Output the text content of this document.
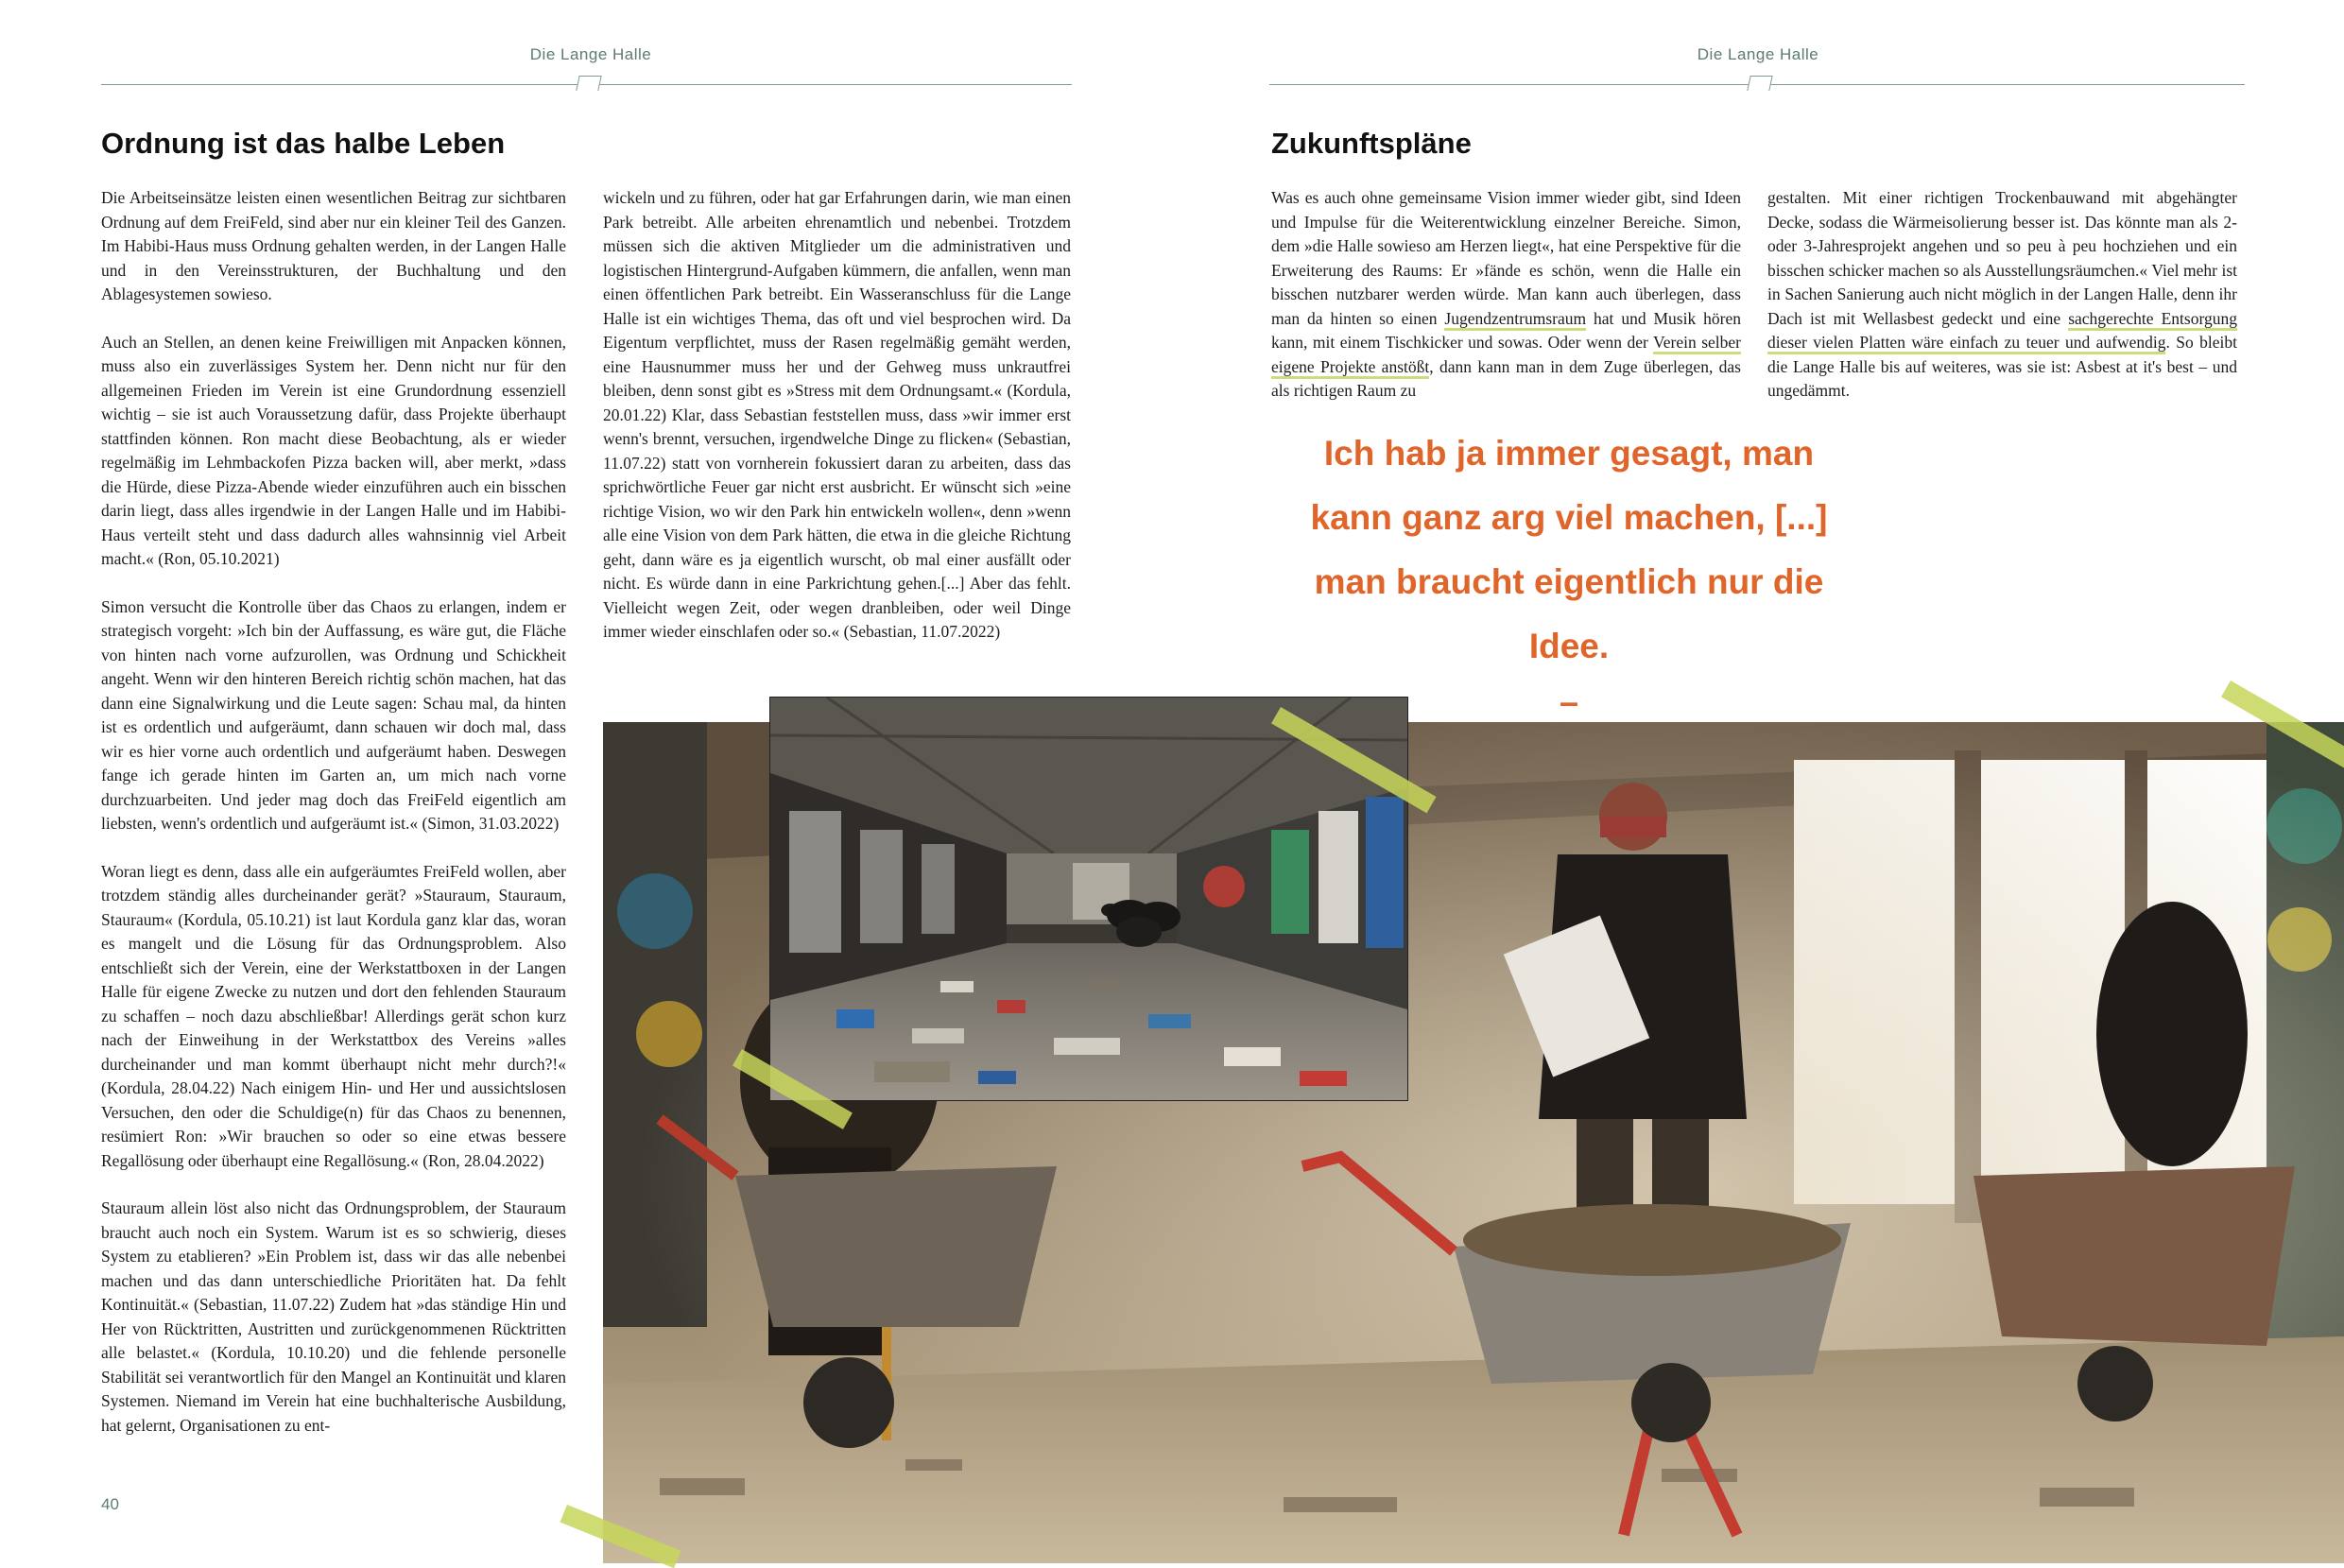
Die Lange Halle	Die Lange Halle
Ordnung ist das halbe Leben

Die Arbeitseinsätze leisten einen wesentlichen Beitrag zur sichtbaren Ordnung auf dem FreiFeld, sind aber nur ein kleiner Teil des Ganzen. Im Habibi-Haus muss Ordnung gehalten werden, in der Langen Halle und in den Vereinsstrukturen, der Buchhaltung und den Ablagesystemen sowieso.

Auch an Stellen, an denen keine Freiwilligen mit Anpacken können, muss also ein zuverlässiges System her. Denn nicht nur für den allgemeinen Frieden im Verein ist eine Grundordnung essenziell wichtig – sie ist auch Voraussetzung dafür, dass Projekte überhaupt stattfinden können. Ron macht diese Beobachtung, als er wieder regelmäßig im Lehmbackofen Pizza backen will, aber merkt, »dass die Hürde, diese Pizza-Abende wieder einzuführen auch ein bisschen darin liegt, dass alles irgendwie in der Langen Halle und im Habibi-Haus verteilt steht und dass dadurch alles wahnsinnig viel Arbeit macht.« (Ron, 05.10.2021)

Simon versucht die Kontrolle über das Chaos zu erlangen, indem er strategisch vorgeht: »Ich bin der Auffassung, es wäre gut, die Fläche von hinten nach vorne aufzurollen, was Ordnung und Schickheit angeht. Wenn wir den hinteren Bereich richtig schön machen, hat das dann eine Signalwirkung und die Leute sagen: Schau mal, da hinten ist es ordentlich und aufgeräumt, dann schauen wir doch mal, dass wir es hier vorne auch ordentlich und aufgeräumt haben. Deswegen fange ich gerade hinten im Garten an, um mich nach vorne durchzuarbeiten. Und jeder mag doch das FreiFeld eigentlich am liebsten, wenn's ordentlich und aufgeräumt ist.« (Simon, 31.03.2022)

Woran liegt es denn, dass alle ein aufgeräumtes FreiFeld wollen, aber trotzdem ständig alles durcheinander gerät? »Stauraum, Stauraum, Stauraum« (Kordula, 05.10.21) ist laut Kordula ganz klar das, woran es mangelt und die Lösung für das Ordnungsproblem. Also entschließt sich der Verein, eine der Werkstattboxen in der Langen Halle für eigene Zwecke zu nutzen und dort den fehlenden Stauraum zu schaffen – noch dazu abschließbar! Allerdings gerät schon kurz nach der Einweihung in der Werkstattbox des Vereins »alles durcheinander und man kommt überhaupt nicht mehr durch?!« (Kordula, 28.04.22) Nach einigem Hin- und Her und aussichtslosen Versuchen, den oder die Schuldige(n) für das Chaos zu benennen, resümiert Ron: »Wir brauchen so oder so eine etwas bessere Regallösung oder überhaupt eine Regallösung.« (Ron, 28.04.2022)

Stauraum allein löst also nicht das Ordnungsproblem, der Stauraum braucht auch noch ein System. Warum ist es so schwierig, dieses System zu etablieren? »Ein Problem ist, dass wir das alle nebenbei machen und das dann unterschiedliche Prioritäten hat. Da fehlt Kontinuität.« (Sebastian, 11.07.22) Zudem hat »das ständige Hin und Her von Rücktritten, Austritten und zurückgenommenen Rücktritten alle belastet.« (Kordula, 10.10.20) und die fehlende personelle Stabilität sei verantwortlich für den Mangel an Kontinuität und klaren Systemen. Niemand im Verein hat eine buchhalterische Ausbildung, hat gelernt, Organisationen zu ent-

wickeln und zu führen, oder hat gar Erfahrungen darin, wie man einen Park betreibt. Alle arbeiten ehrenamtlich und nebenbei. Trotzdem müssen sich die aktiven Mitglieder um die administrativen und logistischen Hintergrund-Aufgaben kümmern, die anfallen, wenn man einen öffentlichen Park betreibt. Ein Wasseranschluss für die Lange Halle ist ein wichtiges Thema, das oft und viel besprochen wird. Da Eigentum verpflichtet, muss der Rasen regelmäßig gemäht werden, eine Hausnummer muss her und der Gehweg muss unkrautfrei bleiben, denn sonst gibt es »Stress mit dem Ordnungsamt.« (Kordula, 20.01.22) Klar, dass Sebastian feststellen muss, dass »wir immer erst wenn's brennt, versuchen, irgendwelche Dinge zu flicken« (Sebastian, 11.07.22) statt von vornherein fokussiert daran zu arbeiten, dass das sprichwörtliche Feuer gar nicht erst ausbricht. Er wünscht sich »eine richtige Vision, wo wir den Park hin entwickeln wollen«, denn »wenn alle eine Vision von dem Park hätten, die etwa in die gleiche Richtung geht, dann wäre es ja eigentlich wurscht, ob mal einer ausfällt oder nicht. Es würde dann in eine Parkrichtung gehen.[...] Aber das fehlt. Vielleicht wegen Zeit, oder wegen dranbleiben, oder weil Dinge immer wieder einschlafen oder so.« (Sebastian, 11.07.2022)

40
Zukunftspläne

Was es auch ohne gemeinsame Vision immer wieder gibt, sind Ideen und Impulse für die Weiterentwicklung einzelner Bereiche. Simon, dem »die Halle sowieso am Herzen liegt«, hat eine Perspektive für die Erweiterung des Raums: Er »fände es schön, wenn die Halle ein bisschen nutzbarer werden würde. Man kann auch überlegen, dass man da hinten so einen Jugendzentrumsraum hat und Musik hören kann, mit einem Tischkicker und sowas. Oder wenn der Verein selber eigene Projekte anstößt, dann kann man in dem Zuge überlegen, das als richtigen Raum zu

gestalten. Mit einer richtigen Trockenbauwand mit abgehängter Decke, sodass die Wärmeisolierung besser ist. Das könnte man als 2- oder 3-Jahresprojekt angehen und so peu à peu hochziehen und ein bisschen schicker machen so als Ausstellungsräumchen.« Viel mehr ist in Sachen Sanierung auch nicht möglich in der Langen Halle, denn ihr Dach ist mit Wellasbest gedeckt und eine sachgerechte Entsorgung dieser vielen Platten wäre einfach zu teuer und aufwendig. So bleibt die Lange Halle bis auf weiteres, was sie ist: Asbest at it's best – und ungedämmt.

Ich hab ja immer gesagt, man kann ganz arg viel machen, [...] man braucht eigentlich nur die Idee.
–
